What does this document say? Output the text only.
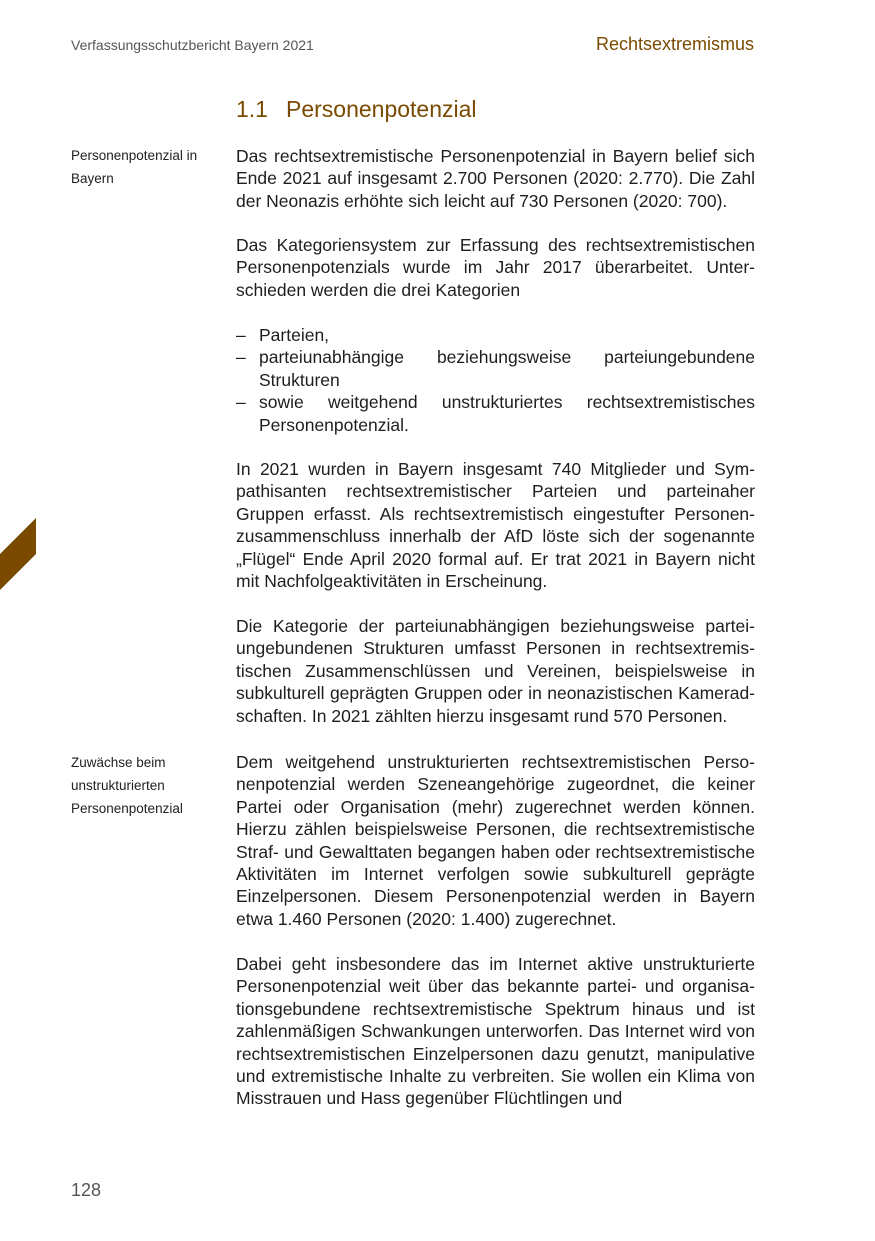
Verfassungsschutzbericht Bayern 2021	Rechtsextremismus
1.1 Personenpotenzial
Personenpotenzial in Bayern
Zuwächse beim unstrukturierten Personenpotenzial

Das rechtsextremistische Personenpotenzial in Bayern belief sich Ende 2021 auf insgesamt 2.700 Personen (2020: 2.770). Die Zahl der Neonazis erhöhte sich leicht auf 730 Personen (2020: 700).

Das Kategoriensystem zur Erfassung des rechtsextremistischen Personenpotenzials wurde im Jahr 2017 überarbeitet. Unterschieden werden die drei Kategorien

– Parteien,
– parteiunabhängige beziehungsweise parteiungebundene Strukturen
– sowie weitgehend unstrukturiertes rechtsextremistisches Personenpotenzial.

In 2021 wurden in Bayern insgesamt 740 Mitglieder und Sympathisanten rechtsextremistischer Parteien und parteinaher Gruppen erfasst. Als rechtsextremistisch eingestufter Personenzusammenschluss innerhalb der AfD löste sich der sogenannte „Flügel“ Ende April 2020 formal auf. Er trat 2021 in Bayern nicht mit Nachfolgeaktivitäten in Erscheinung.

Die Kategorie der parteiunabhängigen beziehungsweise parteiungebundenen Strukturen umfasst Personen in rechtsextremistischen Zusammenschlüssen und Vereinen, beispielsweise in subkulturell geprägten Gruppen oder in neonazistischen Kameradschaften. In 2021 zählten hierzu insgesamt rund 570 Personen.

Dem weitgehend unstrukturierten rechtsextremistischen Personenpotenzial werden Szeneangehörige zugeordnet, die keiner Partei oder Organisation (mehr) zugerechnet werden können. Hierzu zählen beispielsweise Personen, die rechtsextremistische Straf- und Gewalttaten begangen haben oder rechtsextremistische Aktivitäten im Internet verfolgen sowie subkulturell geprägte Einzelpersonen. Diesem Personenpotenzial werden in Bayern etwa 1.460 Personen (2020: 1.400) zugerechnet.

Dabei geht insbesondere das im Internet aktive unstrukturierte Personenpotenzial weit über das bekannte partei- und organisationsgebundene rechtsextremistische Spektrum hinaus und ist zahlenmäßigen Schwankungen unterworfen. Das Internet wird von rechtsextremistischen Einzelpersonen dazu genutzt, manipulative und extremistische Inhalte zu verbreiten. Sie wollen ein Klima von Misstrauen und Hass gegenüber Flüchtlingen und

128
